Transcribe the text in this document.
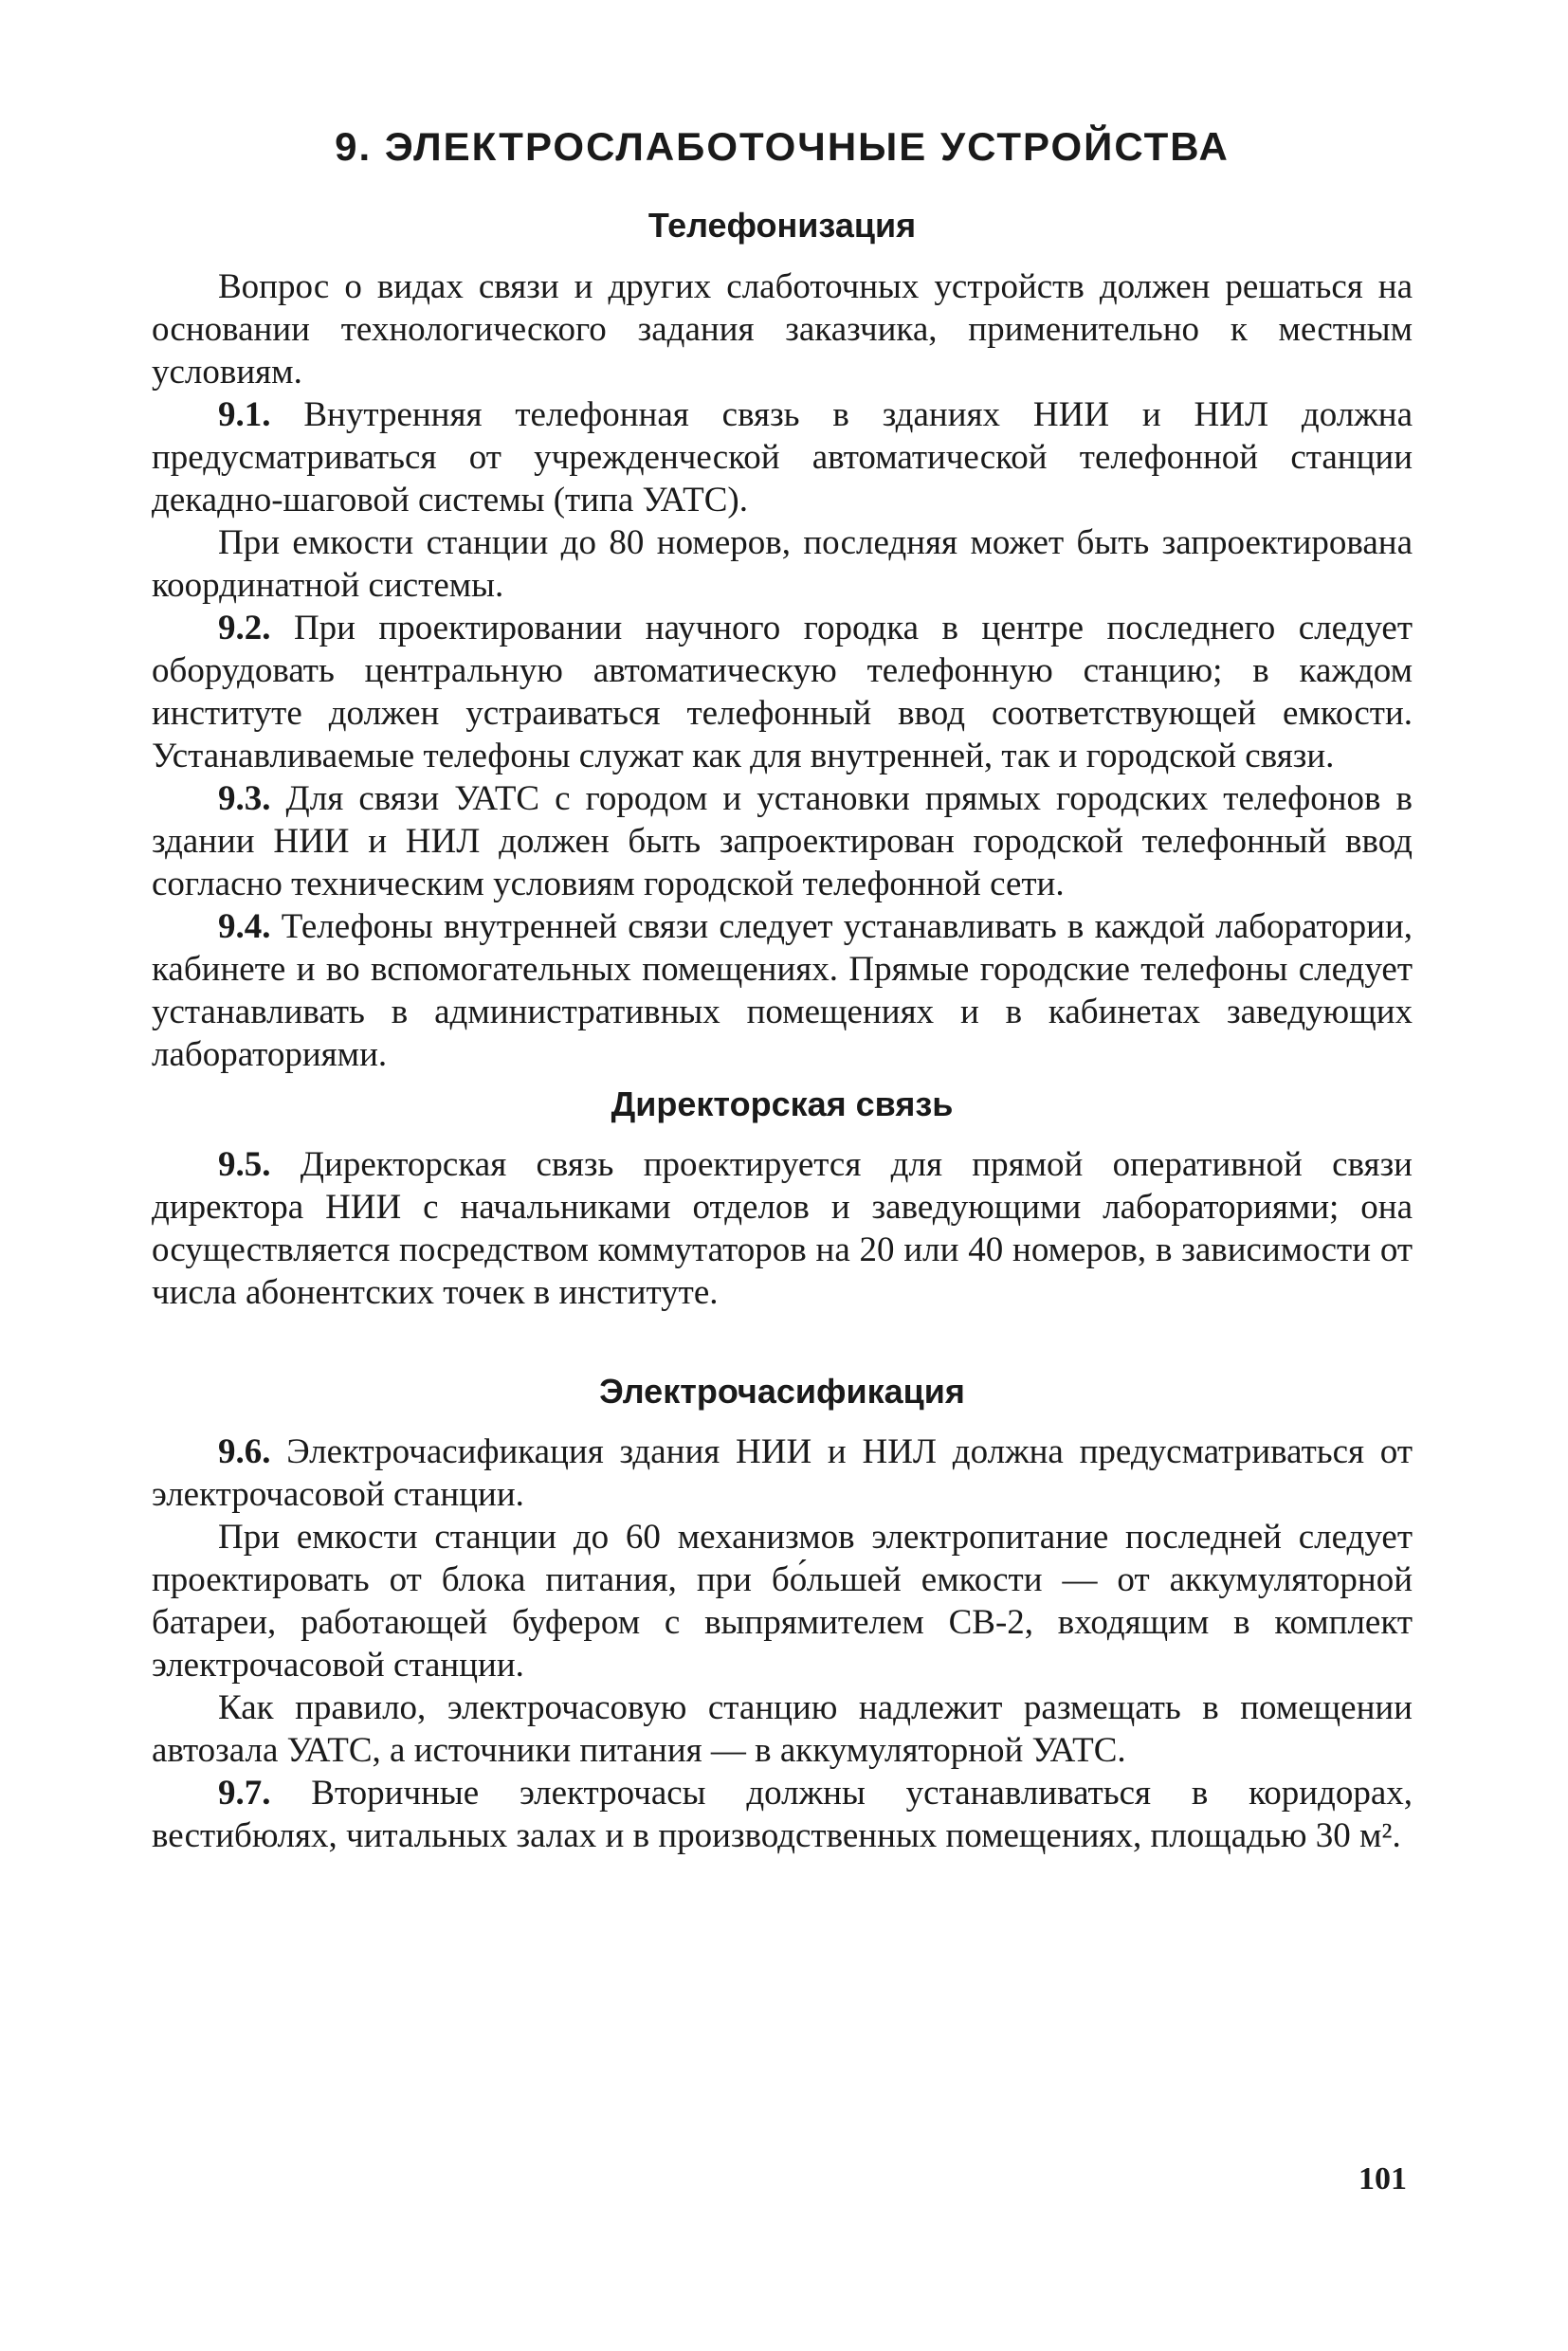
9. ЭЛЕКТРОСЛАБОТОЧНЫЕ УСТРОЙСТВА
Телефонизация

Вопрос о видах связи и других слаботочных устройств должен решаться на основании технологического задания заказчика, применительно к местным условиям.

9.1. Внутренняя телефонная связь в зданиях НИИ и НИЛ должна предусматриваться от учрежденческой автоматической телефонной станции декадно-шаговой системы (типа УАТС).

При емкости станции до 80 номеров, последняя может быть запроектирована координатной системы.

9.2. При проектировании научного городка в центре последнего следует оборудовать центральную автоматическую телефонную станцию; в каждом институте должен устраиваться телефонный ввод соответствующей емкости. Устанавливаемые телефоны служат как для внутренней, так и городской связи.

9.3. Для связи УАТС с городом и установки прямых городских телефонов в здании НИИ и НИЛ должен быть запроектирован городской телефонный ввод согласно техническим условиям городской телефонной сети.

9.4. Телефоны внутренней связи следует устанавливать в каждой лаборатории, кабинете и во вспомогательных помещениях. Прямые городские телефоны следует устанавливать в административных помещениях и в кабинетах заведующих лабораториями.

Директорская связь

9.5. Директорская связь проектируется для прямой оперативной связи директора НИИ с начальниками отделов и заведующими лабораториями; она осуществляется посредством коммутаторов на 20 или 40 номеров, в зависимости от числа абонентских точек в институте.

Электрочасификация

9.6. Электрочасификация здания НИИ и НИЛ должна предусматриваться от электрочасовой станции.

При емкости станции до 60 механизмов электропитание последней следует проектировать от блока питания, при бо́льшей емкости — от аккумуляторной батареи, работающей буфером с выпрямителем СВ-2, входящим в комплект электрочасовой станции.

Как правило, электрочасовую станцию надлежит размещать в помещении автозала УАТС, а источники питания — в аккумуляторной УАТС.

9.7. Вторичные электрочасы должны устанавливаться в коридорах, вестибюлях, читальных залах и в производственных помещениях, площадью 30 м².

101
